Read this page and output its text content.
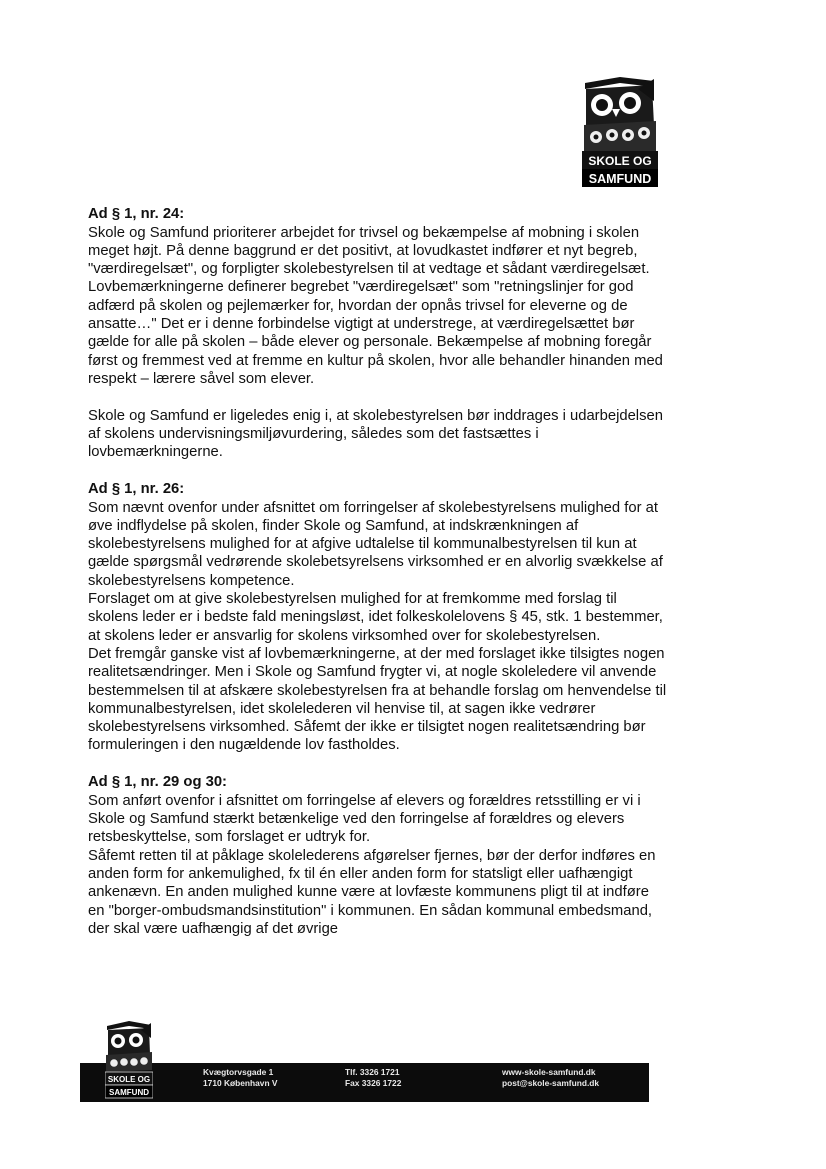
SKOLE OG
SAMFUND

Ad § 1, nr. 24:

Skole og Samfund prioriterer arbejdet for trivsel og bekæmpelse af mobning i skolen meget højt. På denne baggrund er det positivt, at lovudkastet indfører et nyt begreb, "værdiregelsæt", og forpligter skolebestyrelsen til at vedtage et sådant værdiregelsæt. Lovbemærkningerne definerer begrebet "værdiregelsæt" som "retningslinjer for god adfærd på skolen og pejlemærker for, hvordan der opnås trivsel for eleverne og de ansatte…" Det er i denne forbindelse vigtigt at understrege, at værdiregelsættet bør gælde for alle på skolen – både elever og personale. Bekæmpelse af mobning foregår først og fremmest ved at fremme en kultur på skolen, hvor alle behandler hinanden med respekt – lærere såvel som elever.

Skole og Samfund er ligeledes enig i, at skolebestyrelsen bør inddrages i udarbejdelsen af skolens undervisningsmiljøvurdering, således som det fastsættes i lovbemærkningerne.

Ad § 1, nr. 26:

Som nævnt ovenfor under afsnittet om forringelser af skolebestyrelsens mulighed for at øve indflydelse på skolen, finder Skole og Samfund, at indskrænkningen af skolebestyrelsens mulighed for at afgive udtalelse til kommunalbestyrelsen til kun at gælde spørgsmål vedrørende skolebetsyrelsens virksomhed er en alvorlig svækkelse af skolebestyrelsens kompetence.

Forslaget om at give skolebestyrelsen mulighed for at fremkomme med forslag til skolens leder er i bedste fald meningsløst, idet folkeskolelovens § 45, stk. 1 bestemmer, at skolens leder er ansvarlig for skolens virksomhed over for skolebestyrelsen.

Det fremgår ganske vist af lovbemærkningerne, at der med forslaget ikke tilsigtes nogen realitetsændringer. Men i Skole og Samfund frygter vi, at nogle skoleledere vil anvende bestemmelsen til at afskære skolebestyrelsen fra at behandle forslag om henvendelse til kommunalbestyrelsen, idet skolelederen vil henvise til, at sagen ikke vedrører skolebestyrelsens virksomhed. Såfemt der ikke er tilsigtet nogen realitetsændring bør formuleringen i den nugældende lov fastholdes.

Ad § 1, nr. 29 og 30:

Som anført ovenfor i afsnittet om forringelse af elevers og forældres retsstilling er vi i Skole og Samfund stærkt betænkelige ved den forringelse af forældres og elevers retsbeskyttelse, som forslaget er udtryk for.

Såfemt retten til at påklage skolelederens afgørelser fjernes, bør der derfor indføres en anden form for ankemulighed, fx til én eller anden form for statsligt eller uafhængigt ankenævn. En anden mulighed kunne være at lovfæste kommunens pligt til at indføre en "borger-ombudsmandsinstitution" i kommunen. En sådan kommunal embedsmand, der skal være uafhængig af det øvrige

SKOLE OG
SAMFUND
Kvægtorvsgade 1
1710 København V
Tlf. 3326 1721
Fax 3326 1722
www-skole-samfund.dk
post@skole-samfund.dk
